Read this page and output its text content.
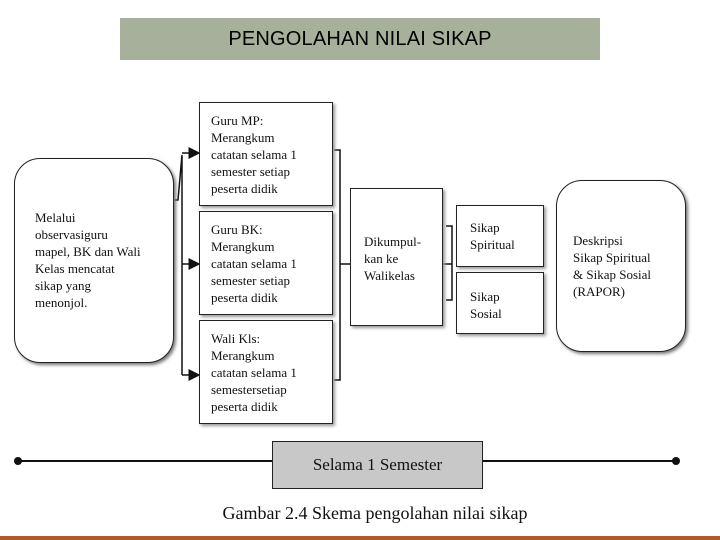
PENGOLAHAN NILAI SIKAP
Melalui
observasiguru
mapel, BK dan Wali
Kelas mencatat
sikap yang
menonjol.
Guru MP:
Merangkum
catatan selama 1
semester setiap
peserta didik
Guru BK:
Merangkum
catatan selama 1
semester setiap
peserta didik
Wali Kls:
Merangkum
catatan selama 1
semestersetiap
peserta didik
Dikumpul-
kan ke
Walikelas
Sikap
Spiritual
Sikap
Sosial
Deskripsi
Sikap Spiritual
& Sikap Sosial
(RAPOR)
Selama 1 Semester
Gambar 2.4 Skema pengolahan nilai sikap
